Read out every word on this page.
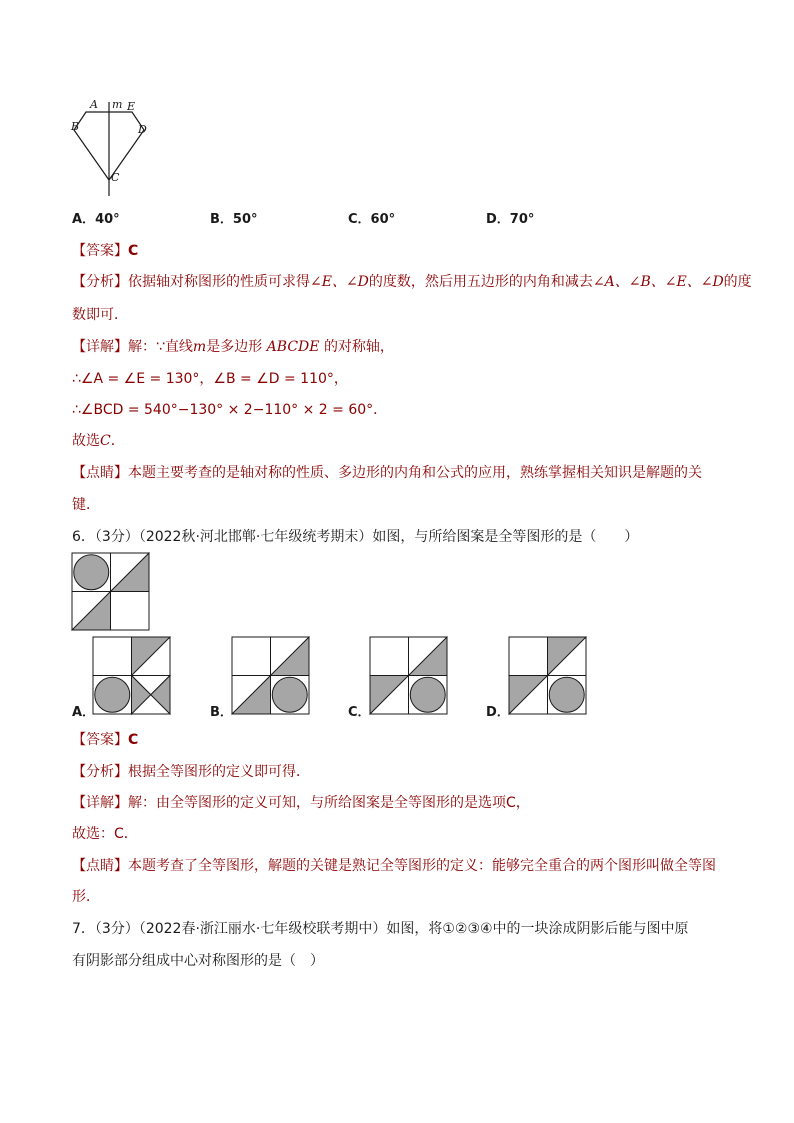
A m E
B	D
C
A．40°	B．50°	C．60°	D．70°
【答案】C
【分析】依据轴对称图形的性质可求得∠E、∠D的度数，然后用五边形的内角和减去∠A、∠B、∠E、∠D的度
数即可．
【详解】解：∵直线m是多边形 ABCDE 的对称轴，
∴∠A = ∠E = 130°，∠B = ∠D = 110°，
∴∠BCD = 540°−130° × 2−110° × 2 = 60°．
故选C．
【点睛】本题主要考查的是轴对称的性质、多边形的内角和公式的应用，熟练掌握相关知识是解题的关
键．
6．（3分）（2022秋·河北邯郸·七年级统考期末）如图，与所给图案是全等图形的是（　　）
A．	B．	C．	D．
【答案】C
【分析】根据全等图形的定义即可得．
【详解】解：由全等图形的定义可知，与所给图案是全等图形的是选项C，
故选：C．
【点睛】本题考查了全等图形，解题的关键是熟记全等图形的定义：能够完全重合的两个图形叫做全等图
形．
7．（3分）（2022春·浙江丽水·七年级校联考期中）如图，将①②③④中的一块涂成阴影后能与图中原
有阴影部分组成中心对称图形的是（　）
